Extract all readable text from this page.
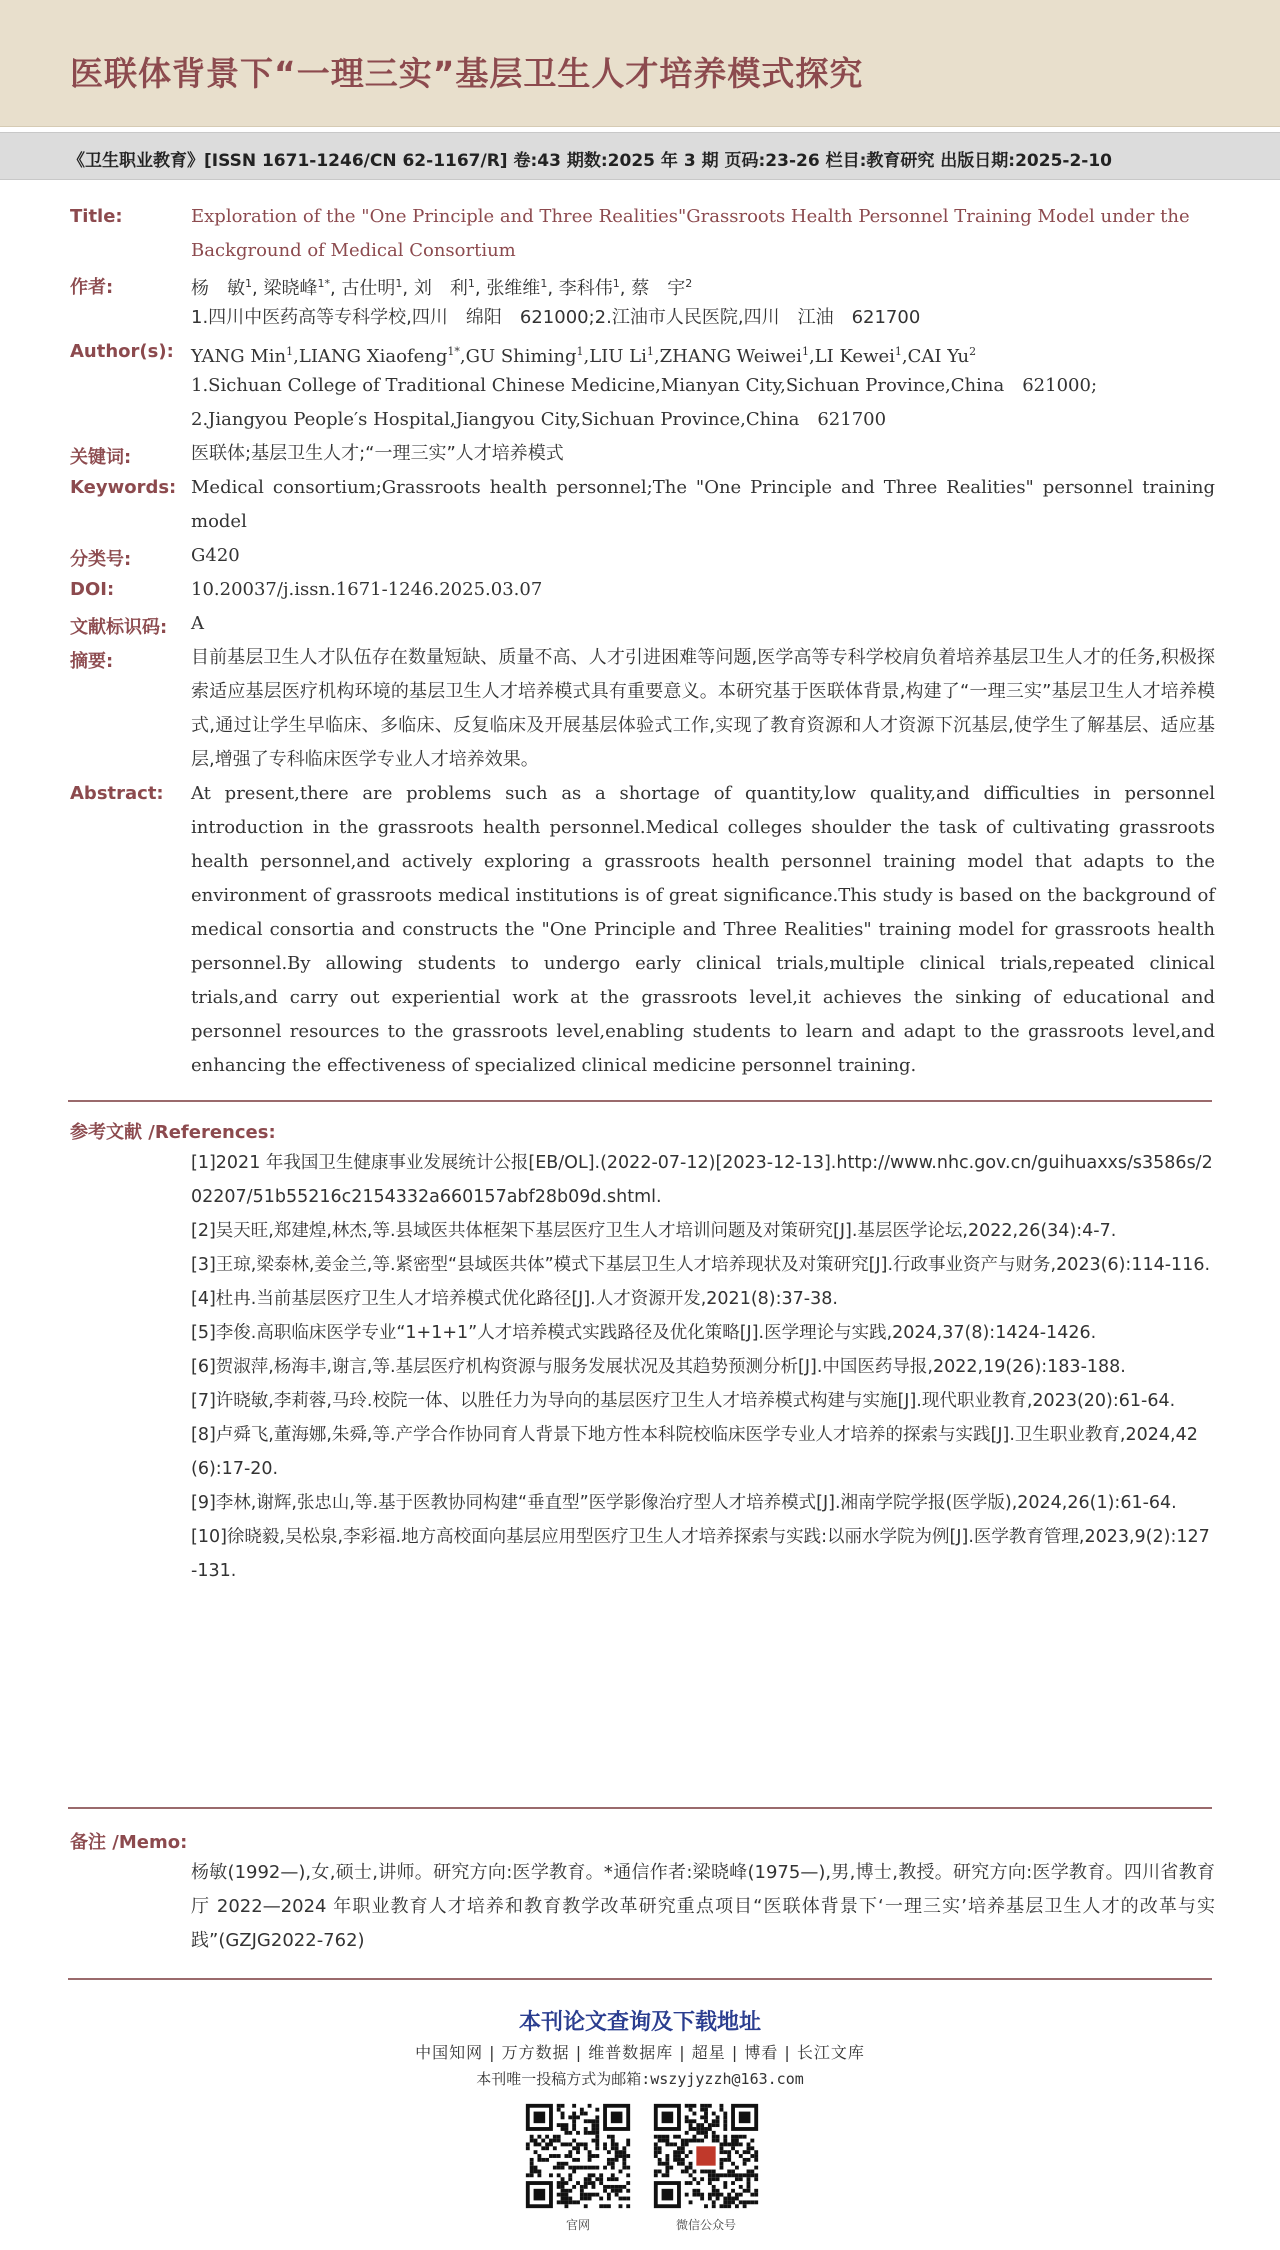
医联体背景下“一理三实”基层卫生人才培养模式探究
《卫生职业教育》[ISSN 1671-1246/CN 62-1167/R] 卷:43 期数:2025 年 3 期 页码:23-26 栏目:教育研究 出版日期:2025-2-10
Title:	Exploration of the "One Principle and Three Realities"Grassroots Health Personnel Training Model under the Background of Medical Consortium
作者:	杨　敏$^1$, 梁晓峰$^{1*}$, 古仕明$^1$, 刘　利$^1$, 张维维$^1$, 李科伟$^1$, 蔡　宇$^2$
1.四川中医药高等专科学校,四川　绵阳　621000;2.江油市人民医院,四川　江油　621700
Author(s): YANG Min$^1$,LIANG Xiaofeng$^{1*}$,GU Shiming$^1$,LIU Li$^1$,ZHANG Weiwei$^1$,LI Kewei$^1$,CAI Yu$^2$
1.Sichuan College of Traditional Chinese Medicine,Mianyan City,Sichuan Province,China　621000;
2.Jiangyou People′s Hospital,Jiangyou City,Sichuan Province,China　621700
关键词:	医联体;基层卫生人才;“一理三实”人才培养模式
Keywords: Medical consortium;Grassroots health personnel;The "One Principle and Three Realities" personnel training model
分类号:	G420
DOI:	10.20037/j.issn.1671-1246.2025.03.07
文献标识码: A
摘要:	目前基层卫生人才队伍存在数量短缺、质量不高、人才引进困难等问题,医学高等专科学校肩负着培养基层卫生人才的任务,积极探索适应基层医疗机构环境的基层卫生人才培养模式具有重要意义。本研究基于医联体背景,构建了“一理三实”基层卫生人才培养模式,通过让学生早临床、多临床、反复临床及开展基层体验式工作,实现了教育资源和人才资源下沉基层,使学生了解基层、适应基层,增强了专科临床医学专业人才培养效果。
Abstract: At present,there are problems such as a shortage of quantity,low quality,and difficulties in personnel introduction in the grassroots health personnel.Medical colleges shoulder the task of cultivating grassroots health personnel,and actively exploring a grassroots health personnel training model that adapts to the environment of grassroots medical institutions is of great significance.This study is based on the background of medical consortia and constructs the "One Principle and Three Realities" training model for grassroots health personnel.By allowing students to undergo early clinical trials,multiple clinical trials,repeated clinical trials,and carry out experiential work at the grassroots level,it achieves the sinking of educational and personnel resources to the grassroots level,enabling students to learn and adapt to the grassroots level,and enhancing the effectiveness of specialized clinical medicine personnel training.
参考文献 /References:

[1]2021 年我国卫生健康事业发展统计公报[EB/OL].(2022-07-12)[2023-12-13].http://www.nhc.gov.cn/guihuaxxs/s3586s/202207/51b55216c2154332a660157abf28b09d.shtml.

[2]吴天旺,郑建煌,林杰,等.县域医共体框架下基层医疗卫生人才培训问题及对策研究[J].基层医学论坛,2022,26(34):4-7.

[3]王琼,梁泰林,姜金兰,等.紧密型“县域医共体”模式下基层卫生人才培养现状及对策研究[J].行政事业资产与财务,2023(6):114-116.

[4]杜冉.当前基层医疗卫生人才培养模式优化路径[J].人才资源开发,2021(8):37-38.

[5]李俊.高职临床医学专业“1+1+1”人才培养模式实践路径及优化策略[J].医学理论与实践,2024,37(8):1424-1426.

[6]贺淑萍,杨海丰,谢言,等.基层医疗机构资源与服务发展状况及其趋势预测分析[J].中国医药导报,2022,19(26):183-188.

[7]许晓敏,李莉蓉,马玲.校院一体、以胜任力为导向的基层医疗卫生人才培养模式构建与实施[J].现代职业教育,2023(20):61-64.

[8]卢舜飞,董海娜,朱舜,等.产学合作协同育人背景下地方性本科院校临床医学专业人才培养的探索与实践[J].卫生职业教育,2024,42(6):17-20.

[9]李林,谢辉,张忠山,等.基于医教协同构建“垂直型”医学影像治疗型人才培养模式[J].湘南学院学报(医学版),2024,26(1):61-64.

[10]徐晓毅,吴松泉,李彩福.地方高校面向基层应用型医疗卫生人才培养探索与实践:以丽水学院为例[J].医学教育管理,2023,9(2):127-131.

备注 /Memo:
杨敏(1992—),女,硕士,讲师。研究方向:医学教育。*通信作者:梁晓峰(1975—),男,博士,教授。研究方向:医学教育。四川省教育厅 2022—2024 年职业教育人才培养和教育教学改革研究重点项目“医联体背景下‘一理三实’培养基层卫生人才的改革与实践”(GZJG2022-762)
本刊论文查询及下载地址
中国知网 | 万方数据 | 维普数据库 | 超星 | 博看 | 长江文库
本刊唯一投稿方式为邮箱:wszyjyzzh@163.com
官网	微信公众号
